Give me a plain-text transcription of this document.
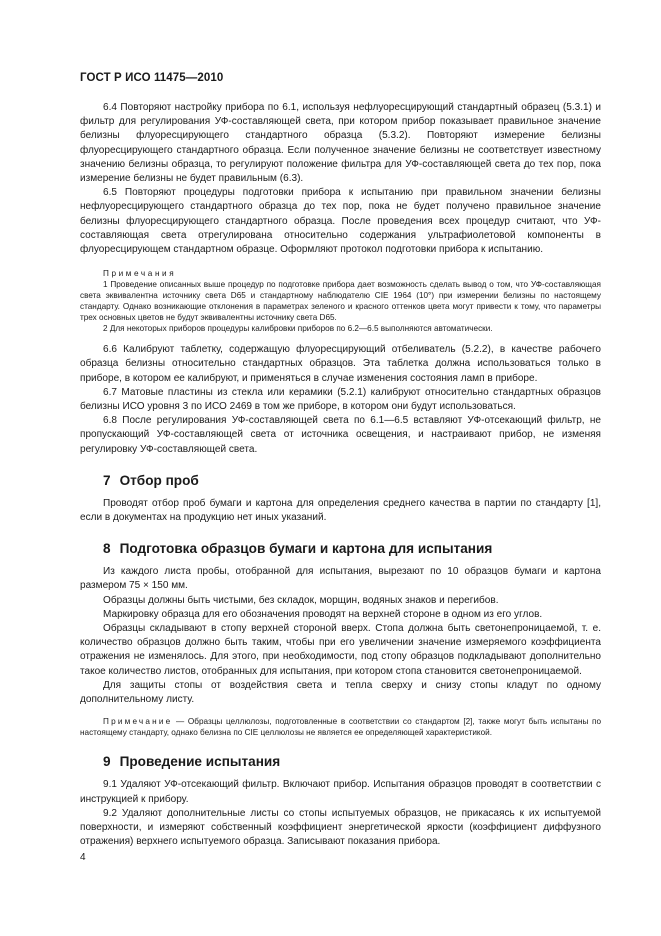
ГОСТ Р ИСО 11475—2010

6.4 Повторяют настройку прибора по 6.1, используя нефлуоресцирующий стандартный образец (5.3.1) и фильтр для регулирования УФ-составляющей света, при котором прибор показывает правильное значение белизны флуоресцирующего стандартного образца (5.3.2). Повторяют измерение белизны флуоресцирующего стандартного образца. Если полученное значение белизны не соответствует известному значению белизны образца, то регулируют положение фильтра для УФ-составляющей света до тех пор, пока измерение белизны не будет правильным (6.3).

6.5 Повторяют процедуры подготовки прибора к испытанию при правильном значении белизны нефлуоресцирующего стандартного образца до тех пор, пока не будет получено правильное значение белизны флуоресцирующего стандартного образца. После проведения всех процедур считают, что УФ-составляющая света отрегулирована относительно содержания ультрафиолетовой компоненты в флуоресцирующем стандартном образце. Оформляют протокол подготовки прибора к испытанию.

Примечания

1 Проведение описанных выше процедур по подготовке прибора дает возможность сделать вывод о том, что УФ-составляющая света эквивалентна источнику света D65 и стандартному наблюдателю CIE 1964 (10°) при измерении белизны по настоящему стандарту. Однако возникающие отклонения в параметрах зеленого и красного оттенков цвета могут привести к тому, что параметры трех основных цветов не будут эквивалентны источнику света D65.

2 Для некоторых приборов процедуры калибровки приборов по 6.2—6.5 выполняются автоматически.

6.6 Калибруют таблетку, содержащую флуоресцирующий отбеливатель (5.2.2), в качестве рабочего образца белизны относительно стандартных образцов. Эта таблетка должна использоваться только в приборе, в котором ее калибруют, и применяться в случае изменения состояния ламп в приборе.

6.7 Матовые пластины из стекла или керамики (5.2.1) калибруют относительно стандартных образцов белизны ИСО уровня 3 по ИСО 2469 в том же приборе, в котором они будут использоваться.

6.8 После регулирования УФ-составляющей света по 6.1—6.5 вставляют УФ-отсекающий фильтр, не пропускающий УФ-составляющей света от источника освещения, и настраивают прибор, не изменяя регулировку УФ-составляющей света.

7 Отбор проб

Проводят отбор проб бумаги и картона для определения среднего качества в партии по стандарту [1], если в документах на продукцию нет иных указаний.

8 Подготовка образцов бумаги и картона для испытания

Из каждого листа пробы, отобранной для испытания, вырезают по 10 образцов бумаги и картона размером 75 × 150 мм.

Образцы должны быть чистыми, без складок, морщин, водяных знаков и перегибов.

Маркировку образца для его обозначения проводят на верхней стороне в одном из его углов.

Образцы складывают в стопу верхней стороной вверх. Стопа должна быть светонепроницаемой, т. е. количество образцов должно быть таким, чтобы при его увеличении значение измеряемого коэффициента отражения не изменялось. Для этого, при необходимости, под стопу образцов подкладывают дополнительно такое количество листов, отобранных для испытания, при котором стопа становится светонепроницаемой.

Для защиты стопы от воздействия света и тепла сверху и снизу стопы кладут по одному дополнительному листу.

Примечание — Образцы целлюлозы, подготовленные в соответствии со стандартом [2], также могут быть испытаны по настоящему стандарту, однако белизна по CIE целлюлозы не является ее определяющей характеристикой.

9 Проведение испытания

9.1 Удаляют УФ-отсекающий фильтр. Включают прибор. Испытания образцов проводят в соответствии с инструкцией к прибору.

9.2 Удаляют дополнительные листы со стопы испытуемых образцов, не прикасаясь к их испытуемой поверхности, и измеряют собственный коэффициент энергетической яркости (коэффициент диффузного отражения) верхнего испытуемого образца. Записывают показания прибора.

4
